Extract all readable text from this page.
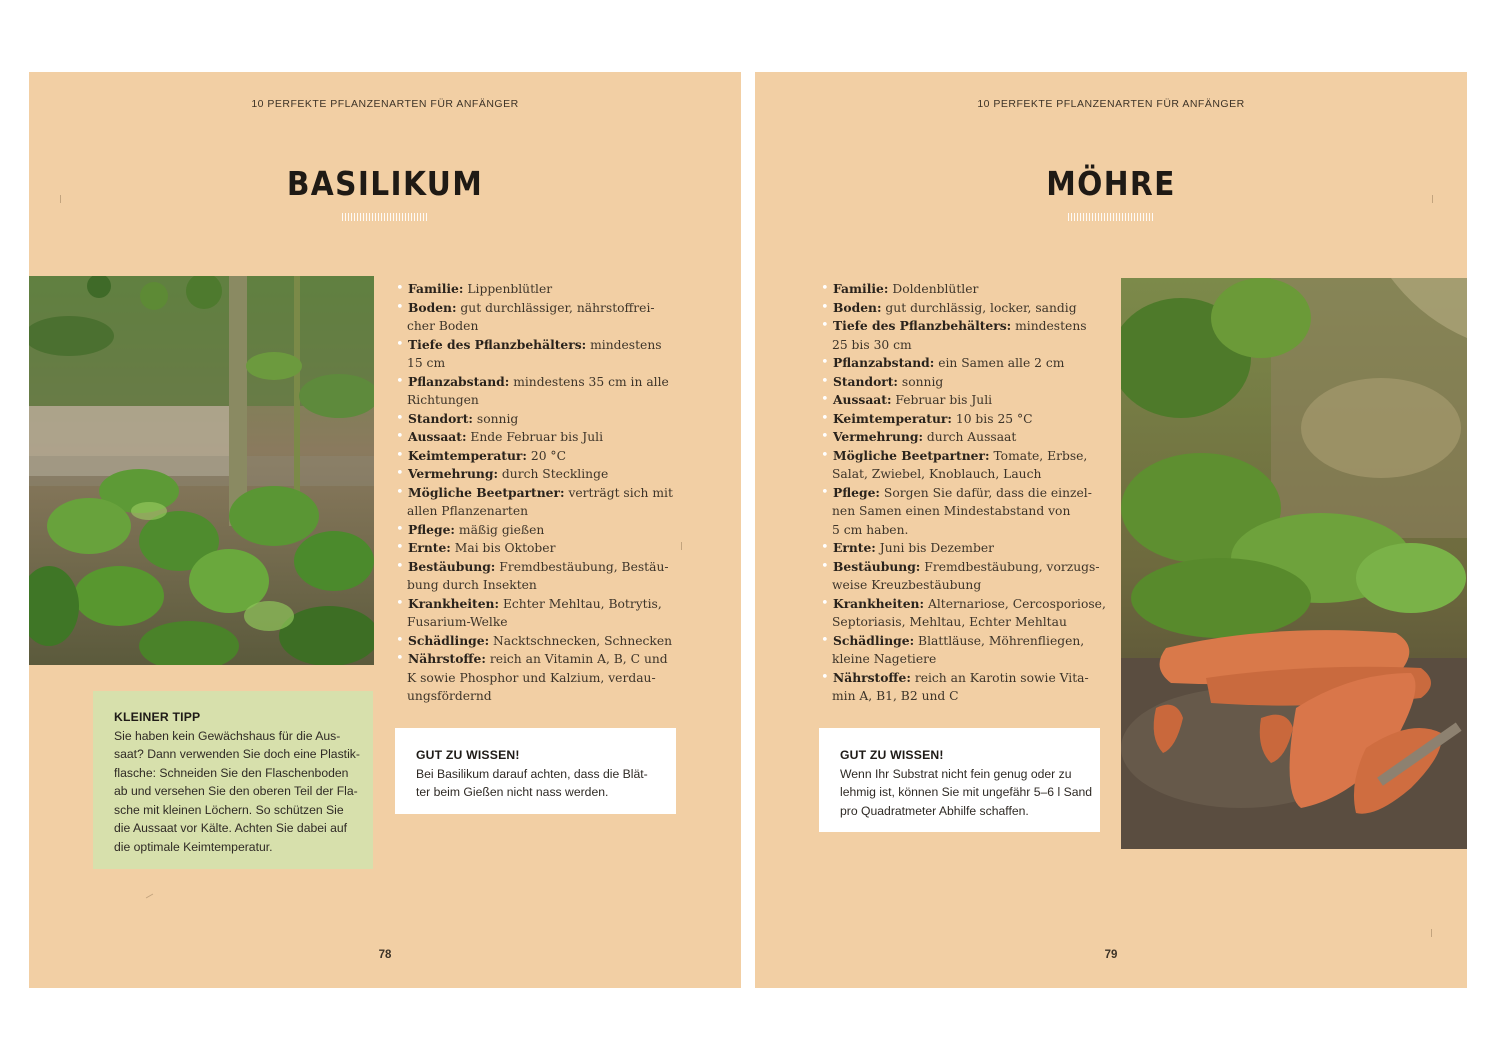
10 PERFEKTE PFLANZENARTEN FÜR ANFÄNGER
BASILIKUM
• Familie: Lippenblütler
• Boden: gut durchlässiger, nährstoffrei-
cher Boden
• Tiefe des Pflanzbehälters: mindestens
15 cm
• Pflanzabstand: mindestens 35 cm in alle
Richtungen
• Standort: sonnig
• Aussaat: Ende Februar bis Juli
• Keimtemperatur: 20 °C
• Vermehrung: durch Stecklinge
• Mögliche Beetpartner: verträgt sich mit
allen Pflanzenarten
• Pflege: mäßig gießen
• Ernte: Mai bis Oktober
• Bestäubung: Fremdbestäubung, Bestäu-
bung durch Insekten
• Krankheiten: Echter Mehltau, Botrytis,
Fusarium-Welke
• Schädlinge: Nacktschnecken, Schnecken
• Nährstoffe: reich an Vitamin A, B, C und
K sowie Phosphor und Kalzium, verdau-
ungsfördernd
KLEINER TIPP
Sie haben kein Gewächshaus für die Aus-
saat? Dann verwenden Sie doch eine Plastik-
flasche: Schneiden Sie den Flaschenboden
ab und versehen Sie den oberen Teil der Fla-
sche mit kleinen Löchern. So schützen Sie
die Aussaat vor Kälte. Achten Sie dabei auf
die optimale Keimtemperatur.
GUT ZU WISSEN!
Bei Basilikum darauf achten, dass die Blät-
ter beim Gießen nicht nass werden.
78
10 PERFEKTE PFLANZENARTEN FÜR ANFÄNGER
MÖHRE
• Familie: Doldenblütler
• Boden: gut durchlässig, locker, sandig
• Tiefe des Pflanzbehälters: mindestens
25 bis 30 cm
• Pflanzabstand: ein Samen alle 2 cm
• Standort: sonnig
• Aussaat: Februar bis Juli
• Keimtemperatur: 10 bis 25 °C
• Vermehrung: durch Aussaat
• Mögliche Beetpartner: Tomate, Erbse,
Salat, Zwiebel, Knoblauch, Lauch
• Pflege: Sorgen Sie dafür, dass die einzel-
nen Samen einen Mindestabstand von
5 cm haben.
• Ernte: Juni bis Dezember
• Bestäubung: Fremdbestäubung, vorzugs-
weise Kreuzbestäubung
• Krankheiten: Alternariose, Cercosporiose,
Septoriasis, Mehltau, Echter Mehltau
• Schädlinge: Blattläuse, Möhrenfliegen,
kleine Nagetiere
• Nährstoffe: reich an Karotin sowie Vita-
min A, B1, B2 und C
GUT ZU WISSEN!
Wenn Ihr Substrat nicht fein genug oder zu
lehmig ist, können Sie mit ungefähr 5–6 l Sand
pro Quadratmeter Abhilfe schaffen.
79
